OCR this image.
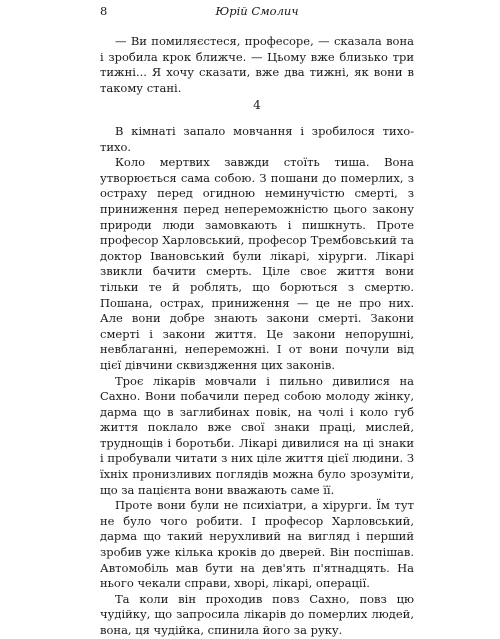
8	Юрій Смолич

— Ви помиляєстеся, професоре, — сказала вона і зробила крок ближче. — Цьому вже близько три тижні... Я хочу сказати, вже два тижні, як вони в такому стані.

4

В кімнаті запало мовчання і зробилося тихо-тихо.

Коло мертвих завжди стоїть тиша. Вона утворюється сама собою. З пошани до померлих, з остраху перед огидною неминучістю смерті, з приниження перед непереможністю цього закону природи люди замовкають і пишкнуть. Проте професор Харловський, професор Трембовський та доктор Івановський були лікарі, хірурги. Лікарі звикли бачити смерть. Ціле своє життя вони тільки те й роблять, що борються з смертю. Пошана, острах, приниження — це не про них. Але вони добре знають закони смерті. Закони смерті і закони життя. Це закони непорушні, невблаганні, непереможні. І от вони почули від цієї дівчини сквиздження цих законів.

Троє лікарів мовчали і пильно дивилися на Сахно. Вони побачили перед собою молоду жінку, дарма що в заглибинах повік, на чолі і коло губ життя поклало вже свої знаки праці, мислей, труднощів і боротьби. Лікарі дивилися на ці знаки і пробували читати з них ціле життя цієї людини. З їхніх пронизливих поглядів можна було зрозуміти, що за пацієнта вони вважають саме її.

Проте вони були не психіатри, а хірурги. Їм тут не було чого робити. І професор Харловський, дарма що такий нерухливий на вигляд і перший зробив уже кілька кроків до дверей. Він поспішав. Автомобіль мав бути на дев'ять п'ятнадцять. На нього чекали справи, хворі, лікарі, операції.

Та коли він проходив повз Сахно, повз цю чудійку, що запросила лікарів до померлих людей, вона, ця чудійка, спинила його за руку.
